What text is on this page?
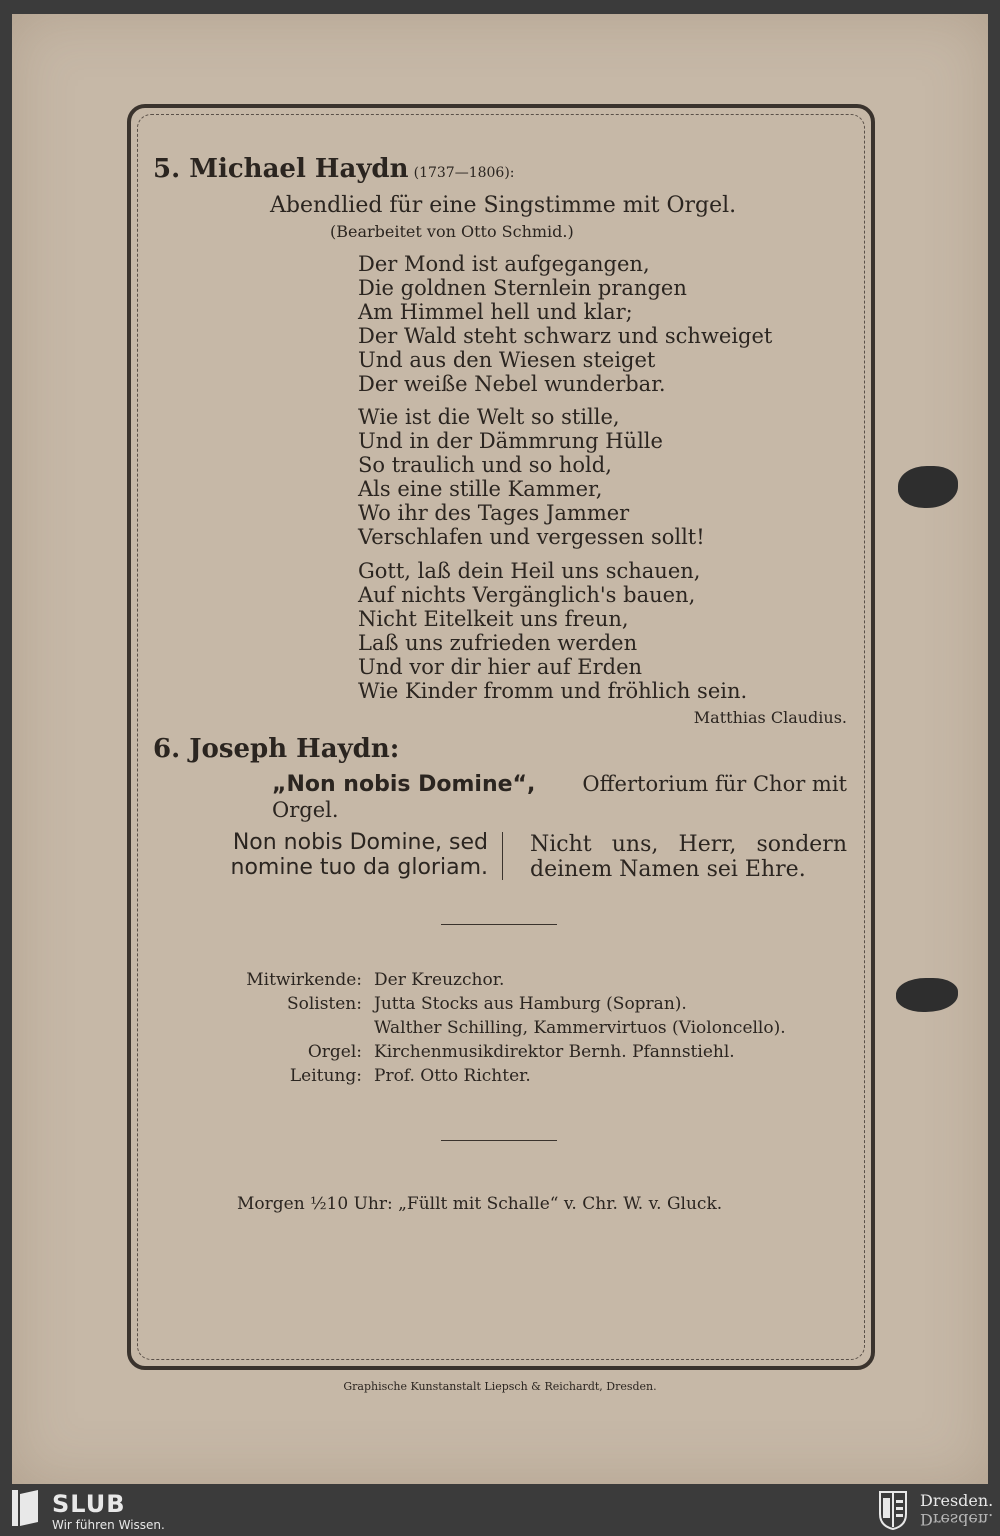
5. Michael Haydn (1737—1806):
Abendlied für eine Singstimme mit Orgel.
(Bearbeitet von Otto Schmid.)
Der Mond ist aufgegangen,
Die goldnen Sternlein prangen
Am Himmel hell und klar;
Der Wald steht schwarz und schweiget
Und aus den Wiesen steiget
Der weiße Nebel wunderbar.
Wie ist die Welt so stille,
Und in der Dämmrung Hülle
So traulich und so hold,
Als eine stille Kammer,
Wo ihr des Tages Jammer
Verschlafen und vergessen sollt!
Gott, laß dein Heil uns schauen,
Auf nichts Vergänglich's bauen,
Nicht Eitelkeit uns freun,
Laß uns zufrieden werden
Und vor dir hier auf Erden
Wie Kinder fromm und fröhlich sein.
Matthias Claudius.
6. Joseph Haydn:
„Non nobis Domine“, Offertorium für Chor mit
Orgel.
Non nobis Domine, sed
nomine tuo da gloriam.
Nicht uns, Herr, sondern
deinem Namen sei Ehre.
Mitwirkende: Der Kreuzchor.
Solisten: Jutta Stocks aus Hamburg (Sopran).
Walther Schilling, Kammervirtuos (Violoncello).
Orgel: Kirchenmusikdirektor Bernh. Pfannstiehl.
Leitung: Prof. Otto Richter.
Morgen ½10 Uhr: „Füllt mit Schalle“ v. Chr. W. v. Gluck.
Graphische Kunstanstalt Liepsch & Reichardt, Dresden.
SLUB
Wir führen Wissen.
Dresden.
Dresden.
